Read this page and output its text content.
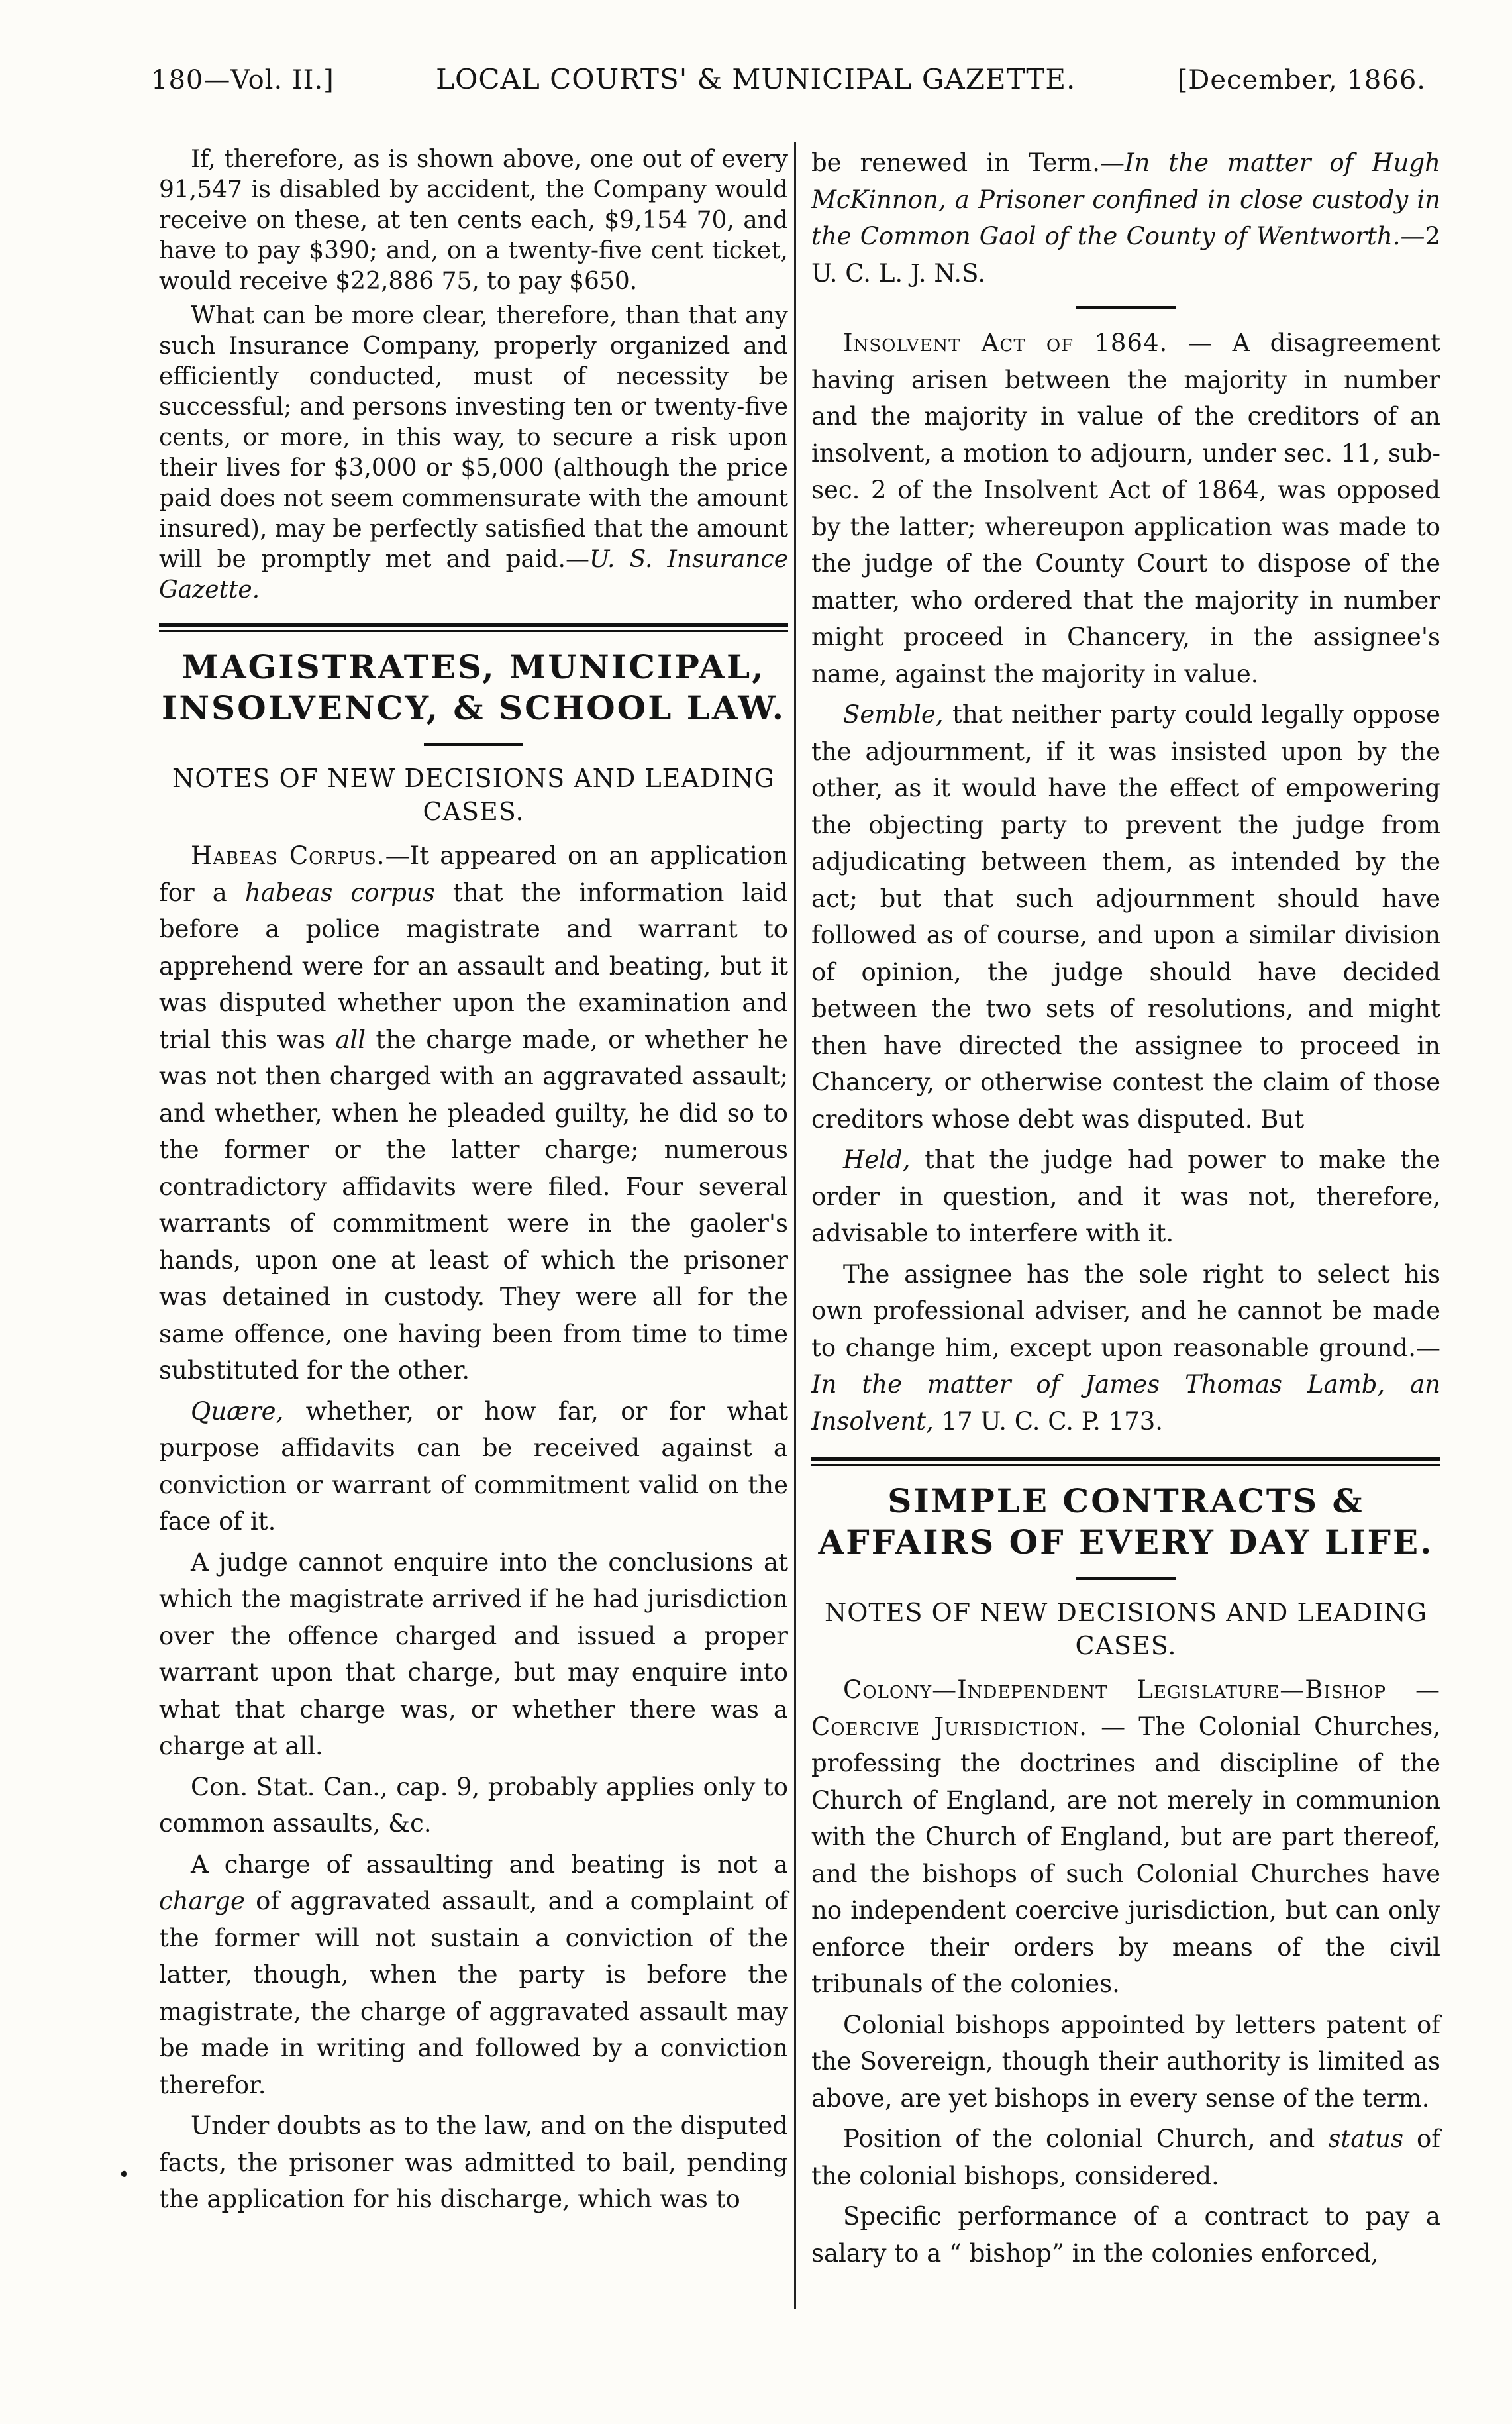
180—Vol. II.]	LOCAL COURTS' & MUNICIPAL GAZETTE.	[December, 1866.
•

If, therefore, as is shown above, one out of every 91,547 is disabled by accident, the Company would receive on these, at ten cents each, $9,154 70, and have to pay $390; and, on a twenty-five cent ticket, would receive $22,886 75, to pay $650.

What can be more clear, therefore, than that any such Insurance Company, properly organized and efficiently conducted, must of necessity be successful; and persons investing ten or twenty-five cents, or more, in this way, to secure a risk upon their lives for $3,000 or $5,000 (although the price paid does not seem commensurate with the amount insured), may be perfectly satisfied that the amount will be promptly met and paid.—U. S. Insurance Gazette.

MAGISTRATES, MUNICIPAL, INSOLVENCY, & SCHOOL LAW.
NOTES OF NEW DECISIONS AND LEADING CASES.

Habeas Corpus.—It appeared on an application for a habeas corpus that the information laid before a police magistrate and warrant to apprehend were for an assault and beating, but it was disputed whether upon the examination and trial this was all the charge made, or whether he was not then charged with an aggravated assault; and whether, when he pleaded guilty, he did so to the former or the latter charge; numerous contradictory affidavits were filed. Four several warrants of commitment were in the gaoler's hands, upon one at least of which the prisoner was detained in custody. They were all for the same offence, one having been from time to time substituted for the other.

Quære, whether, or how far, or for what purpose affidavits can be received against a conviction or warrant of commitment valid on the face of it.

A judge cannot enquire into the conclusions at which the magistrate arrived if he had jurisdiction over the offence charged and issued a proper warrant upon that charge, but may enquire into what that charge was, or whether there was a charge at all.

Con. Stat. Can., cap. 9, probably applies only to common assaults, &c.

A charge of assaulting and beating is not a charge of aggravated assault, and a complaint of the former will not sustain a conviction of the latter, though, when the party is before the magistrate, the charge of aggravated assault may be made in writing and followed by a conviction therefor.

Under doubts as to the law, and on the disputed facts, the prisoner was admitted to bail, pending the application for his discharge, which was to

be renewed in Term.—In the matter of Hugh McKinnon, a Prisoner confined in close custody in the Common Gaol of the County of Wentworth.—2 U. C. L. J. N.S.

Insolvent Act of 1864. — A disagreement having arisen between the majority in number and the majority in value of the creditors of an insolvent, a motion to adjourn, under sec. 11, sub-sec. 2 of the Insolvent Act of 1864, was opposed by the latter; whereupon application was made to the judge of the County Court to dispose of the matter, who ordered that the majority in number might proceed in Chancery, in the assignee's name, against the majority in value.

Semble, that neither party could legally oppose the adjournment, if it was insisted upon by the other, as it would have the effect of empowering the objecting party to prevent the judge from adjudicating between them, as intended by the act; but that such adjournment should have followed as of course, and upon a similar division of opinion, the judge should have decided between the two sets of resolutions, and might then have directed the assignee to proceed in Chancery, or otherwise contest the claim of those creditors whose debt was disputed. But

Held, that the judge had power to make the order in question, and it was not, therefore, advisable to interfere with it.

The assignee has the sole right to select his own professional adviser, and he cannot be made to change him, except upon reasonable ground.—In the matter of James Thomas Lamb, an Insolvent, 17 U. C. C. P. 173.

SIMPLE CONTRACTS & AFFAIRS OF EVERY DAY LIFE.
NOTES OF NEW DECISIONS AND LEADING CASES.

Colony—Independent Legislature—Bishop — Coercive Jurisdiction. — The Colonial Churches, professing the doctrines and discipline of the Church of England, are not merely in communion with the Church of England, but are part thereof, and the bishops of such Colonial Churches have no independent coercive jurisdiction, but can only enforce their orders by means of the civil tribunals of the colonies.

Colonial bishops appointed by letters patent of the Sovereign, though their authority is limited as above, are yet bishops in every sense of the term.

Position of the colonial Church, and status of the colonial bishops, considered.

Specific performance of a contract to pay a salary to a “ bishop” in the colonies enforced,
